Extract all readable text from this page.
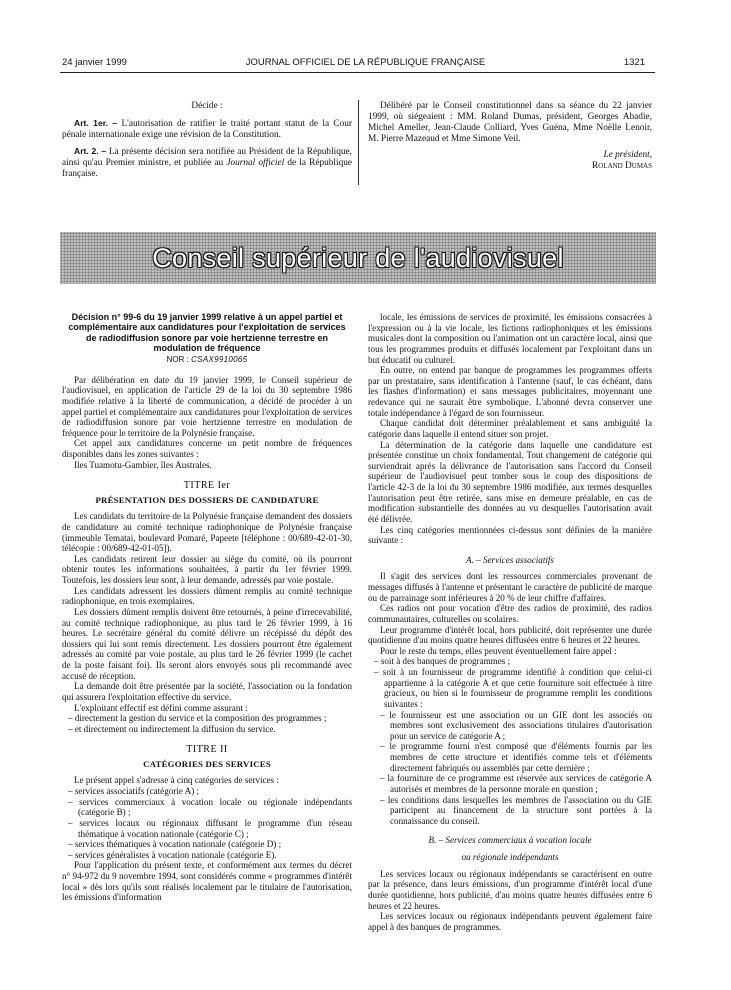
24 janvier 1999	JOURNAL OFFICIEL DE LA RÉPUBLIQUE FRANÇAISE	1321

Décide :

Art. 1er. – L'autorisation de ratifier le traité portant statut de la Cour pénale internationale exige une révision de la Constitution.

Art. 2. – La présente décision sera notifiée au Président de la République, ainsi qu'au Premier ministre, et publiée au Journal officiel de la République française.

Délibéré par le Conseil constitutionnel dans sa séance du 22 janvier 1999, où siégeaient : MM. Roland Dumas, président, Georges Abadie, Michel Ameller, Jean-Claude Colliard, Yves Guéna, Mme Noëlle Lenoir, M. Pierre Mazeaud et Mme Simone Veil.

Le président,

Roland Dumas

Conseil supérieur de l'audiovisuel

Décision n° 99-6 du 19 janvier 1999 relative à un appel partiel et complémentaire aux candidatures pour l'exploitation de services de radiodiffusion sonore par voie hertzienne terrestre en modulation de fréquence

NOR : CSAX9910065

Par délibération en date du 19 janvier 1999, le Conseil supérieur de l'audiovisuel, en application de l'article 29 de la loi du 30 septembre 1986 modifiée relative à la liberté de communication, a décidé de procéder à un appel partiel et complémentaire aux candidatures pour l'exploitation de services de radiodiffusion sonore par voie hertzienne terrestre en modulation de fréquence pour le territoire de la Polynésie française.

Cet appel aux candidatures concerne un petit nombre de fréquences disponibles dans les zones suivantes :

Iles Tuamotu-Gambier, îles Australes.

TITRE Ier

PRÉSENTATION DES DOSSIERS DE CANDIDATURE

Les candidats du territoire de la Polynésie française demandent des dossiers de candidature au comité technique radiophonique de Polynésie française (immeuble Tematai, boulevard Pomaré, Papeete [téléphone : 00/689-42-01-30, télécopie : 00/689-42-01-05]).

Les candidats retirent leur dossier au siège du comité, où ils pourront obtenir toutes les informations souhaitées, à partir du 1er février 1999. Toutefois, les dossiers leur sont, à leur demande, adressés par voie postale.

Les candidats adressent les dossiers dûment remplis au comité technique radiophonique, en trois exemplaires.

Les dossiers dûment remplis doivent être retournés, à peine d'irrecevabilité, au comité technique radiophonique, au plus tard le 26 février 1999, à 16 heures. Le secrétaire général du comité délivre un récépissé du dépôt des dossiers qui lui sont remis directement. Les dossiers pourront être également adressés au comité par voie postale, au plus tard le 26 février 1999 (le cachet de la poste faisant foi). Ils seront alors envoyés sous pli recommandé avec accusé de réception.

La demande doit être présentée par la société, l'association ou la fondation qui assurera l'exploitation effective du service.

L'exploitant effectif est défini comme assurant :

– directement la gestion du service et la composition des programmes ;

– et directement ou indirectement la diffusion du service.

TITRE II

CATÉGORIES DES SERVICES

Le présent appel s'adresse à cinq catégories de services :

– services associatifs (catégorie A) ;

– services commerciaux à vocation locale ou régionale indépendants (catégorie B) ;

– services locaux ou régionaux diffusant le programme d'un réseau thématique à vocation nationale (catégorie C) ;

– services thématiques à vocation nationale (catégorie D) ;

– services généralistes à vocation nationale (catégorie E).

Pour l'application du présent texte, et conformément aux termes du décret n° 94-972 du 9 novembre 1994, sont considérés comme « programmes d'intérêt local » dès lors qu'ils sont réalisés localement par le titulaire de l'autorisation, les émissions d'information

locale, les émissions de services de proximité, les émissions consacrées à l'expression ou à la vie locale, les fictions radiophoniques et les émissions musicales dont la composition ou l'animation ont un caractère local, ainsi que tous les programmes produits et diffusés localement par l'exploitant dans un but éducatif ou culturel.

En outre, on entend par banque de programmes les programmes offerts par un prestataire, sans identification à l'antenne (sauf, le cas échéant, dans les flashes d'information) et sans messages publicitaires, moyennant une redevance qui ne saurait être symbolique. L'abonné devra conserver une totale indépendance à l'égard de son fournisseur.

Chaque candidat doit déterminer préalablement et sans ambiguïté la catégorie dans laquelle il entend situer son projet.

La détermination de la catégorie dans laquelle une candidature est présentée constitue un choix fondamental. Tout changement de catégorie qui surviendrait après la délivrance de l'autorisation sans l'accord du Conseil supérieur de l'audiovisuel peut tomber sous le coup des dispositions de l'article 42-3 de la loi du 30 septembre 1986 modifiée, aux termes desquelles l'autorisation peut être retirée, sans mise en demeure préalable, en cas de modification substantielle des données au vu desquelles l'autorisation avait été délivrée.

Les cinq catégories mentionnées ci-dessus sont définies de la manière suivante :

A. – Services associatifs

Il s'agit des services dont les ressources commerciales provenant de messages diffusés à l'antenne et présentant le caractère de publicité de marque ou de parrainage sont inférieures à 20 % de leur chiffre d'affaires.

Ces radios ont pour vocation d'être des radios de proximité, des radios communautaires, culturelles ou scolaires.

Leur programme d'intérêt local, hors publicité, doit représenter une durée quotidienne d'au moins quatre heures diffusées entre 6 heures et 22 heures.

Pour le reste du temps, elles peuvent éventuellement faire appel :

– soit à des banques de programmes ;

– soit à un fournisseur de programme identifié à condition que celui-ci appartienne à la catégorie A et que cette fourniture soit effectuée à titre gracieux, ou bien si le fournisseur de programme remplit les conditions suivantes :

– le fournisseur est une association ou un GIE dont les associés ou membres sont exclusivement des associations titulaires d'autorisation pour un service de catégorie A ;

– le programme fourni n'est composé que d'éléments fournis par les membres de cette structure et identifiés comme tels et d'éléments directement fabriqués ou assemblés par cette dernière ;

– la fourniture de ce programme est réservée aux services de catégorie A autorisés et membres de la personne morale en question ;

– les conditions dans lesquelles les membres de l'association ou du GIE participent au financement de la structure sont portées à la connaissance du conseil.

B. – Services commerciaux à vocation locale

ou régionale indépendants

Les services locaux ou régionaux indépendants se caractérisent en outre par la présence, dans leurs émissions, d'un programme d'intérêt local d'une durée quotidienne, hors publicité, d'au moins quatre heures diffusées entre 6 heures et 22 heures.

Les services locaux ou régionaux indépendants peuvent également faire appel à des banques de programmes.
